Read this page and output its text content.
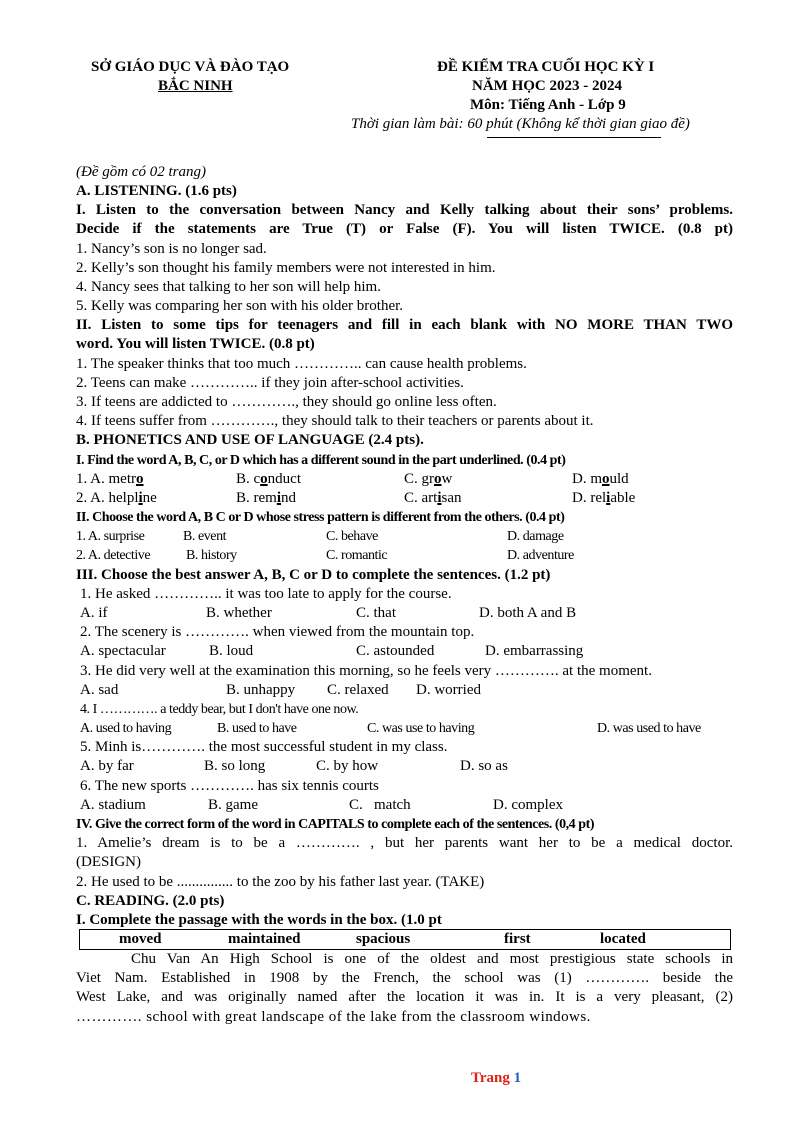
SỞ GIÁO DỤC VÀ ĐÀO TẠO
BẮC NINH
ĐỀ KIỂM TRA CUỐI HỌC KỲ I
NĂM HỌC 2023 - 2024
Môn: Tiếng Anh - Lớp 9
Thời gian làm bài: 60 phút (Không kể thời gian giao đề)
(Đề gồm có 02 trang)
A. LISTENING. (1.6 pts)
I. Listen to the conversation between Nancy and Kelly talking about their sons’ problems.
Decide if the statements are True (T) or False (F). You will listen TWICE. (0.8 pt)
1. Nancy’s son is no longer sad.
2. Kelly’s son thought his family members were not interested in him.
4. Nancy sees that talking to her son will help him.
5. Kelly was comparing her son with his older brother.
II. Listen to some tips for teenagers and fill in each blank with NO MORE THAN TWO
word. You will listen TWICE. (0.8 pt)
1. The speaker thinks that too much ………….. can cause health problems.
2. Teens can make ………….. if they join after-school activities.
3. If teens are addicted to …………., they should go online less often.
4. If teens suffer from …………., they should talk to their teachers or parents about it.
B. PHONETICS AND USE OF LANGUAGE (2.4 pts).
I. Find the word A, B, C, or D which has a different sound in the part underlined. (0.4 pt)
1. A. metro	B. conduct	C. grow	D. mould
2. A. helpline	B. remind	C. artisan	D. reliable
II. Choose the word A, B C or D whose stress pattern is different from the others. (0.4 pt)
1. A. surprise	B. event	C. behave	D. damage
2. A. detective	B. history	C. romantic	D. adventure
III. Choose the best answer A, B, C or D to complete the sentences. (1.2 pt)
1. He asked ………….. it was too late to apply for the course.
A. if	B. whether	C. that	D. both A and B
2. The scenery is …………. when viewed from the mountain top.
A. spectacular	B. loud	C. astounded	D. embarrassing
3. He did very well at the examination this morning, so he feels very …………. at the moment.
A. sad	B. unhappy C. relaxed D. worried
4. I …………. a teddy bear, but I don't have one now.
A. used to having	B. used to have	C. was use to having	D. was used to have
5. Minh is…………. the most successful student in my class.
A. by far	B. so long	C. by how	D. so as
6. The new sports …………. has six tennis courts
A. stadium	B. game	C.   match	D. complex
IV. Give the correct form of the word in CAPITALS to complete each of the sentences. (0,4 pt)
1. Amelie’s dream is to be a …………. , but her parents want her to be a medical doctor.
(DESIGN)
2. He used to be ............... to the zoo by his father last year. (TAKE)
C. READING. (2.0 pts)
I. Complete the passage with the words in the box. (1.0 pt
moved	maintained	spacious	first	located
Chu Van An High School is one of the oldest and most prestigious state schools in
Viet Nam. Established in 1908 by the French, the school was (1) …………. beside the
West Lake, and was originally named after the location it was in. It is a very pleasant, (2)
…………. school with great landscape of the lake from the classroom windows.
Trang 1
